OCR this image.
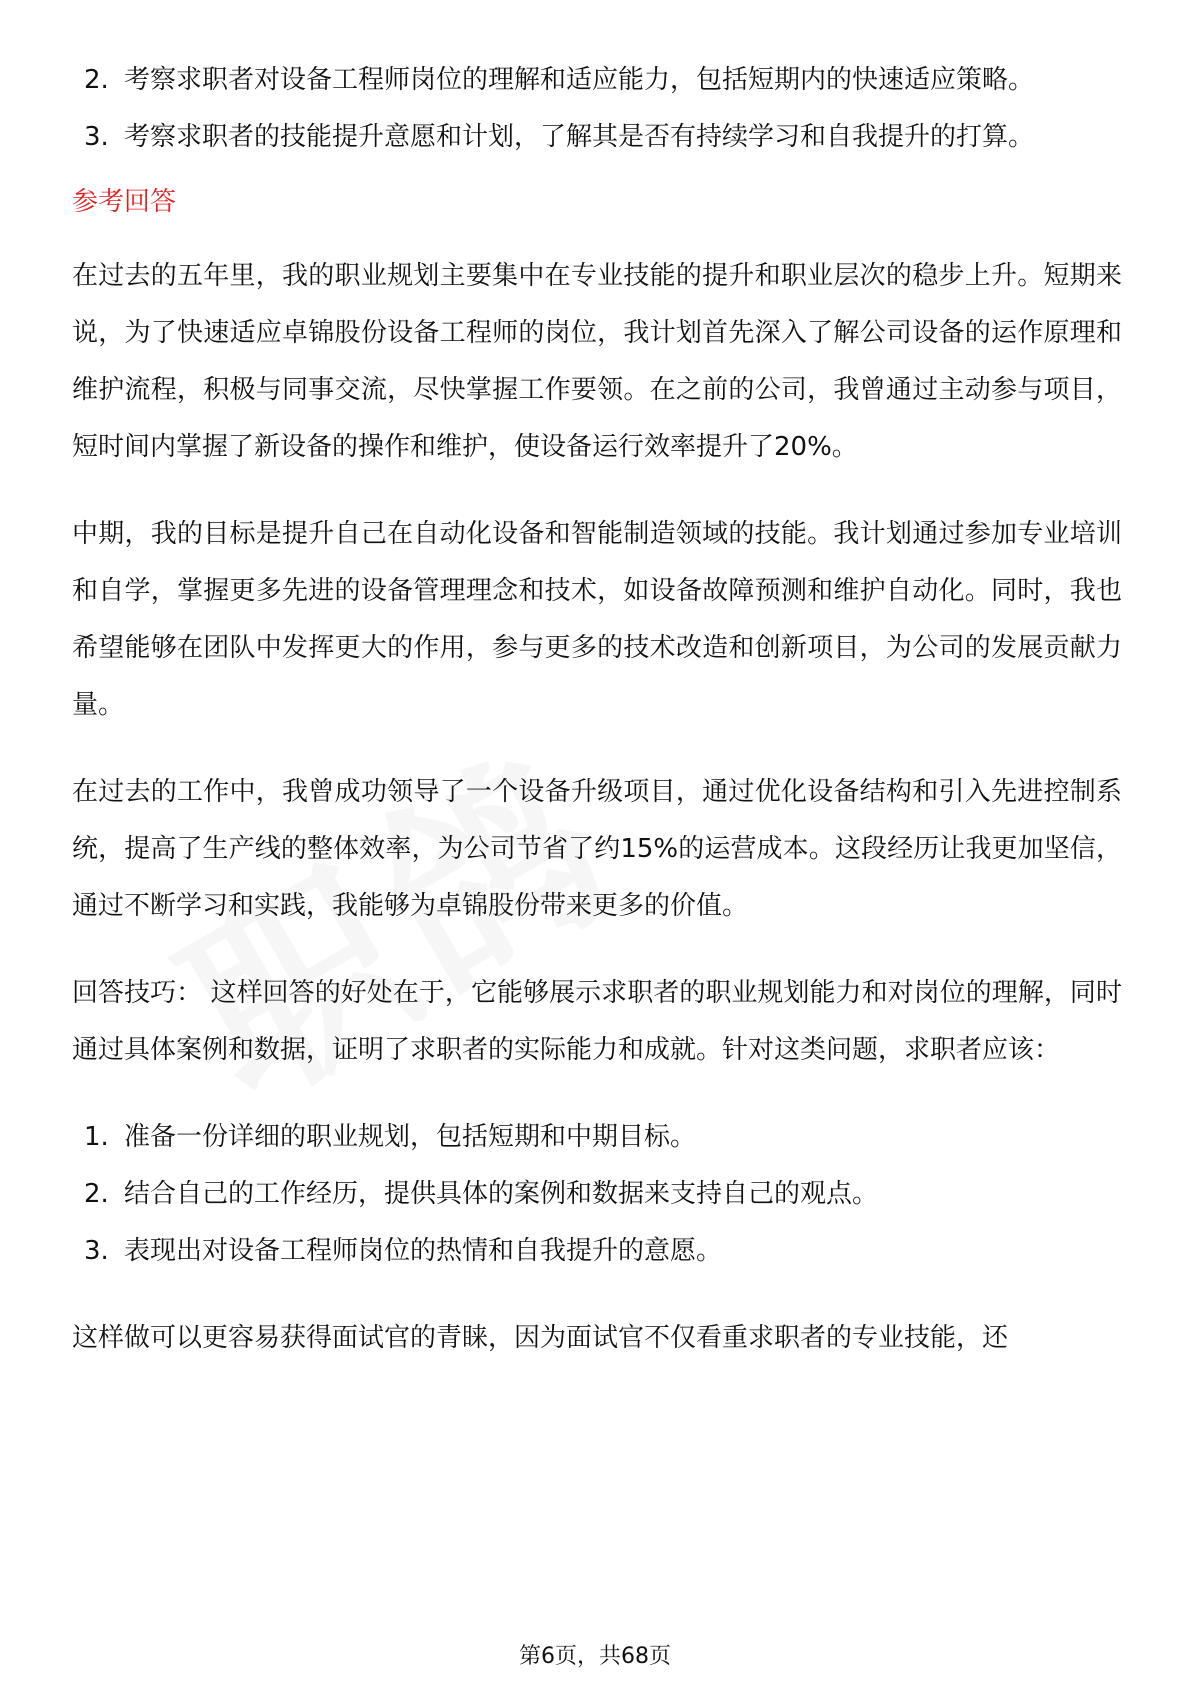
2. 考察求职者对设备工程师岗位的理解和适应能力，包括短期内的快速适应策略。
3. 考察求职者的技能提升意愿和计划，了解其是否有持续学习和自我提升的打算。
参考回答

在过去的五年里，我的职业规划主要集中在专业技能的提升和职业层次的稳步上升。短期来说，为了快速适应卓锦股份设备工程师的岗位，我计划首先深入了解公司设备的运作原理和维护流程，积极与同事交流，尽快掌握工作要领。在之前的公司，我曾通过主动参与项目，短时间内掌握了新设备的操作和维护，使设备运行效率提升了20%。

中期，我的目标是提升自己在自动化设备和智能制造领域的技能。我计划通过参加专业培训和自学，掌握更多先进的设备管理理念和技术，如设备故障预测和维护自动化。同时，我也希望能够在团队中发挥更大的作用，参与更多的技术改造和创新项目，为公司的发展贡献力量。

在过去的工作中，我曾成功领导了一个设备升级项目，通过优化设备结构和引入先进控制系统，提高了生产线的整体效率，为公司节省了约15%的运营成本。这段经历让我更加坚信，通过不断学习和实践，我能够为卓锦股份带来更多的价值。

回答技巧： 这样回答的好处在于，它能够展示求职者的职业规划能力和对岗位的理解，同时通过具体案例和数据，证明了求职者的实际能力和成就。针对这类问题，求职者应该：

1. 准备一份详细的职业规划，包括短期和中期目标。
2. 结合自己的工作经历，提供具体的案例和数据来支持自己的观点。
3. 表现出对设备工程师岗位的热情和自我提升的意愿。

这样做可以更容易获得面试官的青睐，因为面试官不仅看重求职者的专业技能，还

第6页，共68页
